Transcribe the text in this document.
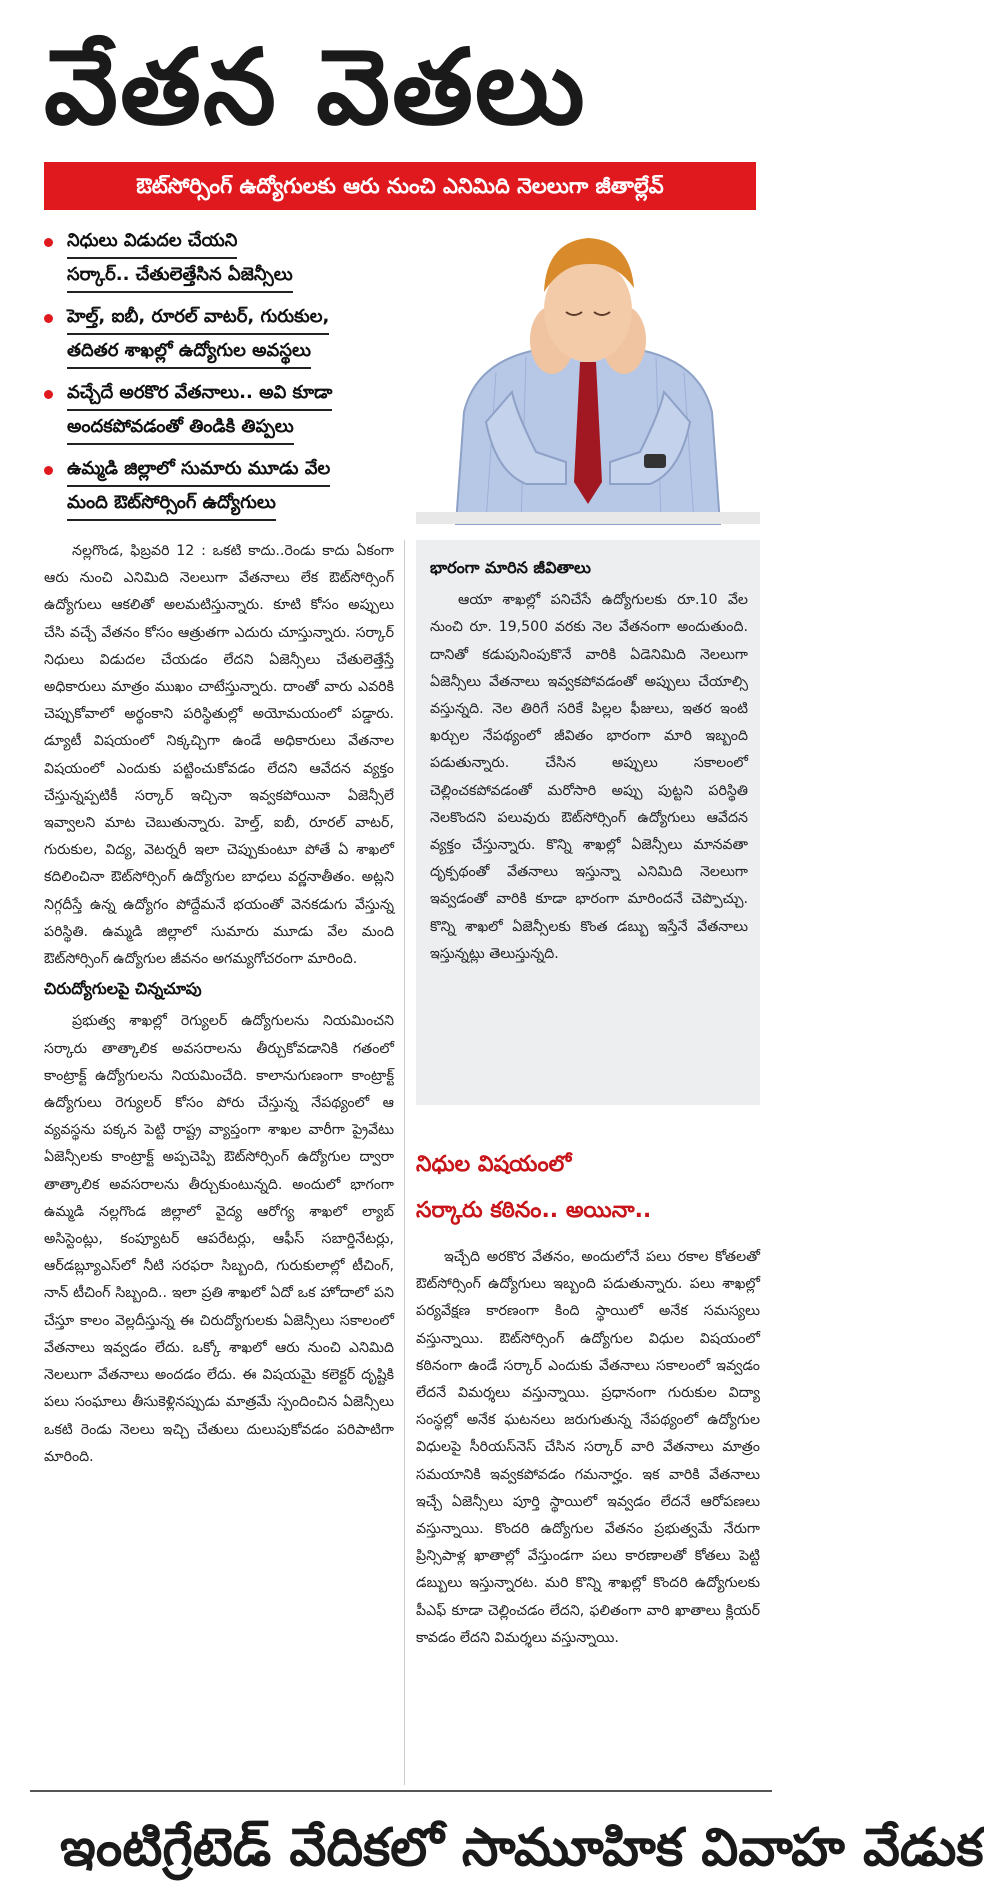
వేతన వెతలు
ఔట్‌సోర్సింగ్ ఉద్యోగులకు ఆరు నుంచి ఎనిమిది నెలలుగా జీతాల్లేవ్
నిధులు విడుదల చేయని
సర్కార్.. చేతులెత్తేసిన ఏజెన్సీలు
హెల్త్, ఐబీ, రూరల్ వాటర్, గురుకుల,
తదితర శాఖల్లో ఉద్యోగుల అవస్థలు
వచ్చేదే అరకొర వేతనాలు.. అవి కూడా
అందకపోవడంతో తిండికి తిప్పలు
ఉమ్మడి జిల్లాలో సుమారు మూడు వేల
మంది ఔట్‌సోర్సింగ్ ఉద్యోగులు

నల్లగొండ, ఫిబ్రవరి 12 : ఒకటి కాదు..రెండు కాదు ఏకంగా ఆరు నుంచి ఎనిమిది నెలలుగా వేతనాలు లేక ఔట్‌సోర్సింగ్ ఉద్యోగులు ఆకలితో అలమటిస్తున్నారు. కూటి కోసం అప్పులు చేసి వచ్చే వేతనం కోసం ఆత్రుతగా ఎదురు చూస్తున్నారు. సర్కార్ నిధులు విడుదల చేయడం లేదని ఏజెన్సీలు చేతులెత్తేస్తే అధికారులు మాత్రం ముఖం చాటేస్తున్నారు. దాంతో వారు ఎవరికి చెప్పుకోవాలో అర్థంకాని పరిస్థితుల్లో అయోమయంలో పడ్డారు. డ్యూటీ విషయంలో నిక్కచ్చిగా ఉండే అధికారులు వేతనాల విషయంలో ఎందుకు పట్టించుకోవడం లేదని ఆవేదన వ్యక్తం చేస్తున్నప్పటికీ సర్కార్ ఇచ్చినా ఇవ్వకపోయినా ఏజెన్సీలే ఇవ్వాలని మాట చెబుతున్నారు. హెల్త్, ఐబీ, రూరల్ వాటర్, గురుకుల, విద్య, వెటర్నరీ ఇలా చెప్పుకుంటూ పోతే ఏ శాఖలో కదిలించినా ఔట్‌సోర్సింగ్ ఉద్యోగుల బాధలు వర్ణనాతీతం. అట్లని నిగ్గదీస్తే ఉన్న ఉద్యోగం పోద్దేమనే భయంతో వెనకడుగు వేస్తున్న పరిస్థితి. ఉమ్మడి జిల్లాలో సుమారు మూడు వేల మంది ఔట్‌సోర్సింగ్ ఉద్యోగుల జీవనం అగమ్యగోచరంగా మారింది.

చిరుద్యోగులపై చిన్నచూపు

ప్రభుత్వ శాఖల్లో రెగ్యులర్ ఉద్యోగులను నియమించని సర్కారు తాత్కాలిక అవసరాలను తీర్చుకోవడానికి గతంలో కాంట్రాక్ట్ ఉద్యోగులను నియమించేది. కాలానుగుణంగా కాంట్రాక్ట్ ఉద్యోగులు రెగ్యులర్ కోసం పోరు చేస్తున్న నేపథ్యంలో ఆ వ్యవస్థను పక్కన పెట్టి రాష్ట్ర వ్యాప్తంగా శాఖల వారీగా ప్రైవేటు ఏజెన్సీలకు కాంట్రాక్ట్ అప్పచెప్పి ఔట్‌సోర్సింగ్ ఉద్యోగుల ద్వారా తాత్కాలిక అవసరాలను తీర్చుకుంటున్నది. అందులో భాగంగా ఉమ్మడి నల్లగొండ జిల్లాలో వైద్య ఆరోగ్య శాఖలో ల్యాబ్ అసిస్టెంట్లు, కంప్యూటర్ ఆపరేటర్లు, ఆఫీస్ సబార్డినేటర్లు, ఆర్‌డబ్ల్యూఎస్‌లో నీటి సరఫరా సిబ్బంది, గురుకులాల్లో టీచింగ్, నాన్ టీచింగ్ సిబ్బంది.. ఇలా ప్రతి శాఖలో ఏదో ఒక హోదాలో పని చేస్తూ కాలం వెల్లదీస్తున్న ఈ చిరుద్యోగులకు ఏజెన్సీలు సకాలంలో వేతనాలు ఇవ్వడం లేదు. ఒక్కో శాఖలో ఆరు నుంచి ఎనిమిది నెలలుగా వేతనాలు అందడం లేదు. ఈ విషయమై కలెక్టర్ దృష్టికి పలు సంఘాలు తీసుకెళ్లినప్పుడు మాత్రమే స్పందించిన ఏజెన్సీలు ఒకటి రెండు నెలలు ఇచ్చి చేతులు దులుపుకోవడం పరిపాటిగా మారింది.

భారంగా మారిన జీవితాలు

ఆయా శాఖల్లో పనిచేసే ఉద్యోగులకు రూ.10 వేల నుంచి రూ. 19,500 వరకు నెల వేతనంగా అందుతుంది. దానితో కడుపునింపుకొనే వారికి ఏడెనిమిది నెలలుగా ఏజెన్సీలు వేతనాలు ఇవ్వకపోవడంతో అప్పులు చేయాల్సి వస్తున్నది. నెల తిరిగే సరికే పిల్లల ఫీజులు, ఇతర ఇంటి ఖర్చుల నేపథ్యంలో జీవితం భారంగా మారి ఇబ్బంది పడుతున్నారు. చేసిన అప్పులు సకాలంలో చెల్లించకపోవడంతో మరోసారి అప్పు పుట్టని పరిస్థితి నెలకొందని పలువురు ఔట్‌సోర్సింగ్ ఉద్యోగులు ఆవేదన వ్యక్తం చేస్తున్నారు. కొన్ని శాఖల్లో ఏజెన్సీలు మానవతా దృక్పథంతో వేతనాలు ఇస్తున్నా ఎనిమిది నెలలుగా ఇవ్వడంతో వారికి కూడా భారంగా మారిందనే చెప్పొచ్చు. కొన్ని శాఖలో ఏజెన్సీలకు కొంత డబ్బు ఇస్తేనే వేతనాలు ఇస్తున్నట్లు తెలుస్తున్నది.

నిధుల విషయంలో
సర్కారు కఠినం.. అయినా..

ఇచ్చేది అరకొర వేతనం, అందులోనే పలు రకాల కోతలతో ఔట్‌సోర్సింగ్ ఉద్యోగులు ఇబ్బంది పడుతున్నారు. పలు శాఖల్లో పర్యవేక్షణ కారణంగా కింది స్థాయిలో అనేక సమస్యలు వస్తున్నాయి. ఔట్‌సోర్సింగ్ ఉద్యోగుల విధుల విషయంలో కఠినంగా ఉండే సర్కార్ ఎందుకు వేతనాలు సకాలంలో ఇవ్వడం లేదనే విమర్శలు వస్తున్నాయి. ప్రధానంగా గురుకుల విద్యా సంస్థల్లో అనేక ఘటనలు జరుగుతున్న నేపథ్యంలో ఉద్యోగుల విధులపై సీరియస్‌నెస్ చేసిన సర్కార్ వారి వేతనాలు మాత్రం సమయానికి ఇవ్వకపోవడం గమనార్హం. ఇక వారికి వేతనాలు ఇచ్చే ఏజెన్సీలు పూర్తి స్థాయిలో ఇవ్వడం లేదనే ఆరోపణలు వస్తున్నాయి. కొందరి ఉద్యోగుల వేతనం ప్రభుత్వమే నేరుగా ప్రిన్సిపాళ్ల ఖాతాల్లో వేస్తుండగా పలు కారణాలతో కోతలు పెట్టి డబ్బులు ఇస్తున్నారట. మరి కొన్ని శాఖల్లో కొందరి ఉద్యోగులకు పీఎఫ్ కూడా చెల్లించడం లేదని, ఫలితంగా వారి ఖాతాలు క్లియర్ కావడం లేదని విమర్శలు వస్తున్నాయి.

ఇంటిగ్రేటెడ్ వేదికలో సామూహిక వివాహ వేడుక
